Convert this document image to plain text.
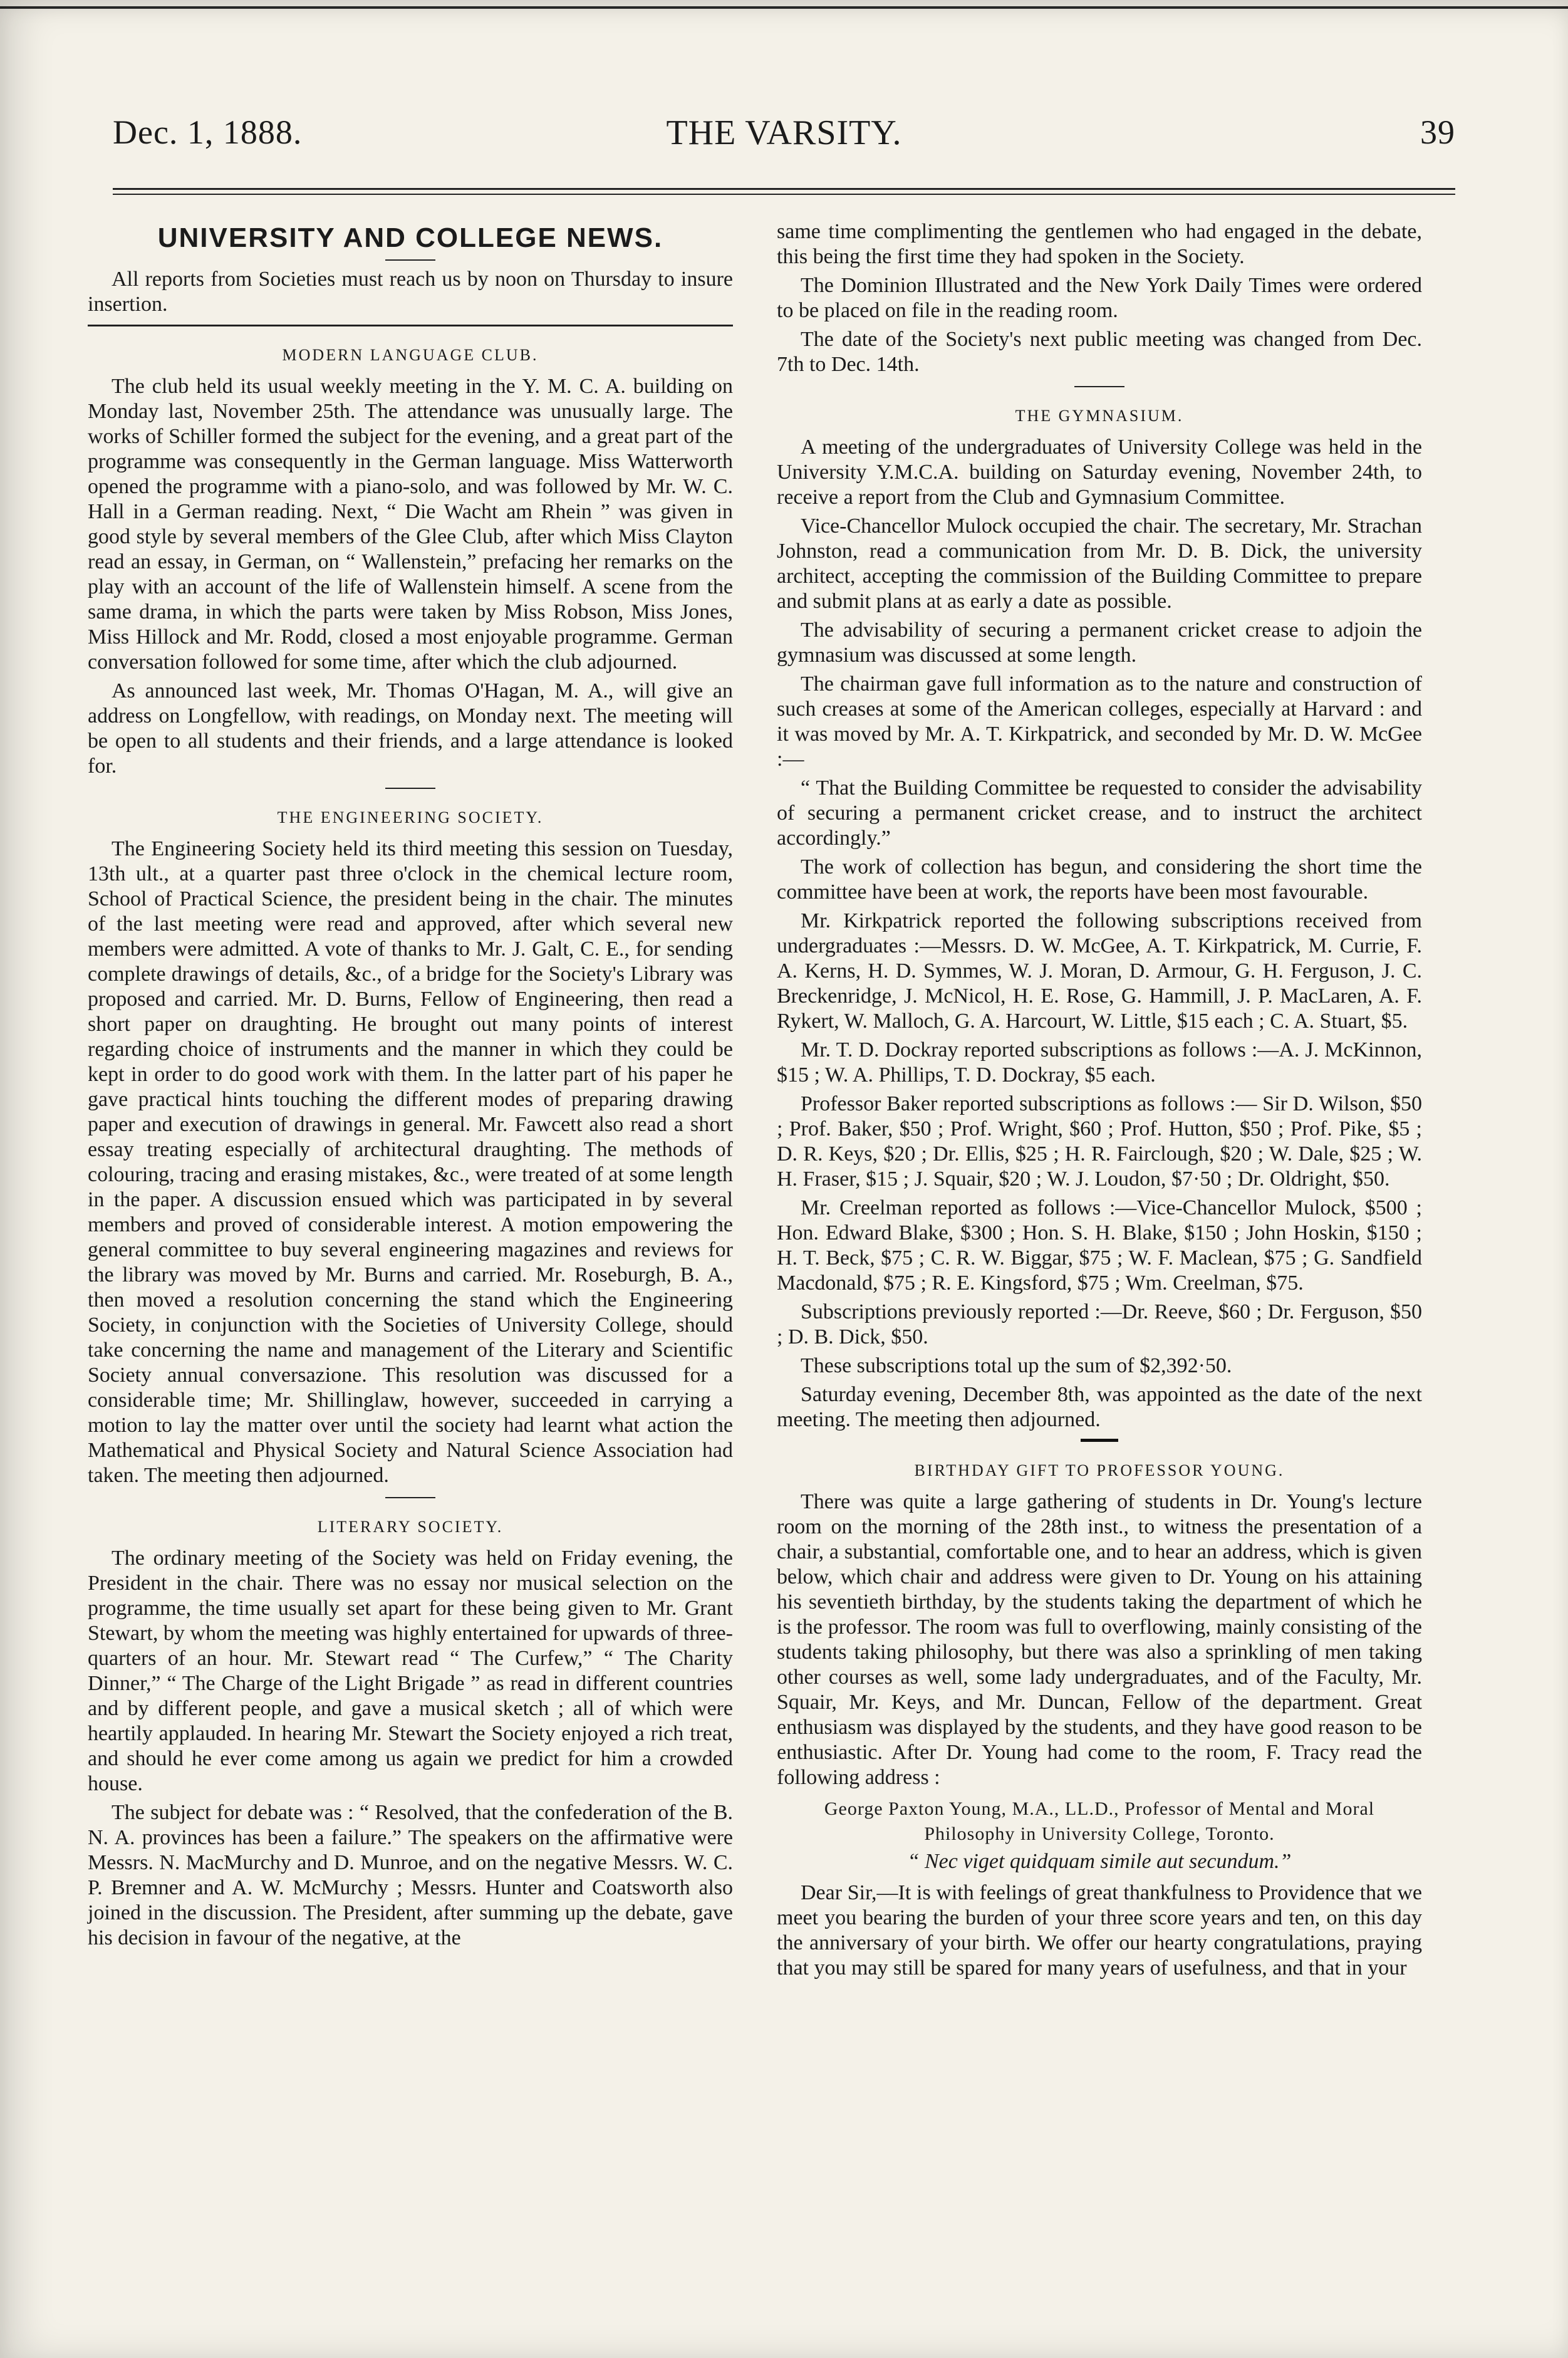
Dec. 1, 1888.	THE VARSITY.	39
UNIVERSITY AND COLLEGE NEWS.

All reports from Societies must reach us by noon on Thursday to insure insertion.

MODERN LANGUAGE CLUB.

The club held its usual weekly meeting in the Y. M. C. A. building on Monday last, November 25th. The attendance was unusually large. The works of Schiller formed the subject for the evening, and a great part of the programme was consequently in the German language. Miss Watterworth opened the programme with a piano-solo, and was followed by Mr. W. C. Hall in a German reading. Next, “ Die Wacht am Rhein ” was given in good style by several members of the Glee Club, after which Miss Clayton read an essay, in German, on “ Wallenstein,” prefacing her remarks on the play with an account of the life of Wallenstein himself. A scene from the same drama, in which the parts were taken by Miss Robson, Miss Jones, Miss Hillock and Mr. Rodd, closed a most enjoyable programme. German conversation followed for some time, after which the club adjourned.

As announced last week, Mr. Thomas O'Hagan, M. A., will give an address on Longfellow, with readings, on Monday next. The meeting will be open to all students and their friends, and a large attendance is looked for.

THE ENGINEERING SOCIETY.

The Engineering Society held its third meeting this session on Tuesday, 13th ult., at a quarter past three o'clock in the chemical lecture room, School of Practical Science, the president being in the chair. The minutes of the last meeting were read and approved, after which several new members were admitted. A vote of thanks to Mr. J. Galt, C. E., for sending complete drawings of details, &c., of a bridge for the Society's Library was proposed and carried. Mr. D. Burns, Fellow of Engineering, then read a short paper on draughting. He brought out many points of interest regarding choice of instruments and the manner in which they could be kept in order to do good work with them. In the latter part of his paper he gave practical hints touching the different modes of preparing drawing paper and execution of drawings in general. Mr. Fawcett also read a short essay treating especially of architectural draughting. The methods of colouring, tracing and erasing mistakes, &c., were treated of at some length in the paper. A discussion ensued which was participated in by several members and proved of considerable interest. A motion empowering the general committee to buy several engineering magazines and reviews for the library was moved by Mr. Burns and carried. Mr. Roseburgh, B. A., then moved a resolution concerning the stand which the Engineering Society, in conjunction with the Societies of University College, should take concerning the name and management of the Literary and Scientific Society annual conversazione. This resolution was discussed for a considerable time; Mr. Shillinglaw, however, succeeded in carrying a motion to lay the matter over until the society had learnt what action the Mathematical and Physical Society and Natural Science Association had taken. The meeting then adjourned.

LITERARY SOCIETY.

The ordinary meeting of the Society was held on Friday evening, the President in the chair. There was no essay nor musical selection on the programme, the time usually set apart for these being given to Mr. Grant Stewart, by whom the meeting was highly entertained for upwards of three-quarters of an hour. Mr. Stewart read “ The Curfew,” “ The Charity Dinner,” “ The Charge of the Light Brigade ” as read in different countries and by different people, and gave a musical sketch ; all of which were heartily applauded. In hearing Mr. Stewart the Society enjoyed a rich treat, and should he ever come among us again we predict for him a crowded house.

The subject for debate was : “ Resolved, that the confederation of the B. N. A. provinces has been a failure.” The speakers on the affirmative were Messrs. N. MacMurchy and D. Munroe, and on the negative Messrs. W. C. P. Bremner and A. W. McMurchy ; Messrs. Hunter and Coatsworth also joined in the discussion. The President, after summing up the debate, gave his decision in favour of the negative, at the

same time complimenting the gentlemen who had engaged in the debate, this being the first time they had spoken in the Society.

The Dominion Illustrated and the New York Daily Times were ordered to be placed on file in the reading room.

The date of the Society's next public meeting was changed from Dec. 7th to Dec. 14th.

THE GYMNASIUM.

A meeting of the undergraduates of University College was held in the University Y.M.C.A. building on Saturday evening, November 24th, to receive a report from the Club and Gymnasium Committee.

Vice-Chancellor Mulock occupied the chair. The secretary, Mr. Strachan Johnston, read a communication from Mr. D. B. Dick, the university architect, accepting the commission of the Building Committee to prepare and submit plans at as early a date as possible.

The advisability of securing a permanent cricket crease to adjoin the gymnasium was discussed at some length.

The chairman gave full information as to the nature and construction of such creases at some of the American colleges, especially at Harvard : and it was moved by Mr. A. T. Kirkpatrick, and seconded by Mr. D. W. McGee :—

“ That the Building Committee be requested to consider the advisability of securing a permanent cricket crease, and to instruct the architect accordingly.”

The work of collection has begun, and considering the short time the committee have been at work, the reports have been most favourable.

Mr. Kirkpatrick reported the following subscriptions received from undergraduates :—Messrs. D. W. McGee, A. T. Kirkpatrick, M. Currie, F. A. Kerns, H. D. Symmes, W. J. Moran, D. Armour, G. H. Ferguson, J. C. Breckenridge, J. McNicol, H. E. Rose, G. Hammill, J. P. MacLaren, A. F. Rykert, W. Malloch, G. A. Harcourt, W. Little, $15 each ; C. A. Stuart, $5.

Mr. T. D. Dockray reported subscriptions as follows :—A. J. McKinnon, $15 ; W. A. Phillips, T. D. Dockray, $5 each.

Professor Baker reported subscriptions as follows :— Sir D. Wilson, $50 ; Prof. Baker, $50 ; Prof. Wright, $60 ; Prof. Hutton, $50 ; Prof. Pike, $5 ; D. R. Keys, $20 ; Dr. Ellis, $25 ; H. R. Fairclough, $20 ; W. Dale, $25 ; W. H. Fraser, $15 ; J. Squair, $20 ; W. J. Loudon, $7·50 ; Dr. Oldright, $50.

Mr. Creelman reported as follows :—Vice-Chancellor Mulock, $500 ; Hon. Edward Blake, $300 ; Hon. S. H. Blake, $150 ; John Hoskin, $150 ; H. T. Beck, $75 ; C. R. W. Biggar, $75 ; W. F. Maclean, $75 ; G. Sandfield Macdonald, $75 ; R. E. Kingsford, $75 ; Wm. Creelman, $75.

Subscriptions previously reported :—Dr. Reeve, $60 ; Dr. Ferguson, $50 ; D. B. Dick, $50.

These subscriptions total up the sum of $2,392·50.

Saturday evening, December 8th, was appointed as the date of the next meeting. The meeting then adjourned.

BIRTHDAY GIFT TO PROFESSOR YOUNG.

There was quite a large gathering of students in Dr. Young's lecture room on the morning of the 28th inst., to witness the presentation of a chair, a substantial, comfortable one, and to hear an address, which is given below, which chair and address were given to Dr. Young on his attaining his seventieth birthday, by the students taking the department of which he is the professor. The room was full to overflowing, mainly consisting of the students taking philosophy, but there was also a sprinkling of men taking other courses as well, some lady undergraduates, and of the Faculty, Mr. Squair, Mr. Keys, and Mr. Duncan, Fellow of the department. Great enthusiasm was displayed by the students, and they have good reason to be enthusiastic. After Dr. Young had come to the room, F. Tracy read the following address :

George Paxton Young, M.A., LL.D., Professor of Mental and Moral Philosophy in University College, Toronto.
“ Nec viget quidquam simile aut secundum.”

Dear Sir,—It is with feelings of great thankfulness to Providence that we meet you bearing the burden of your three score years and ten, on this day the anniversary of your birth. We offer our hearty congratulations, praying that you may still be spared for many years of usefulness, and that in your
